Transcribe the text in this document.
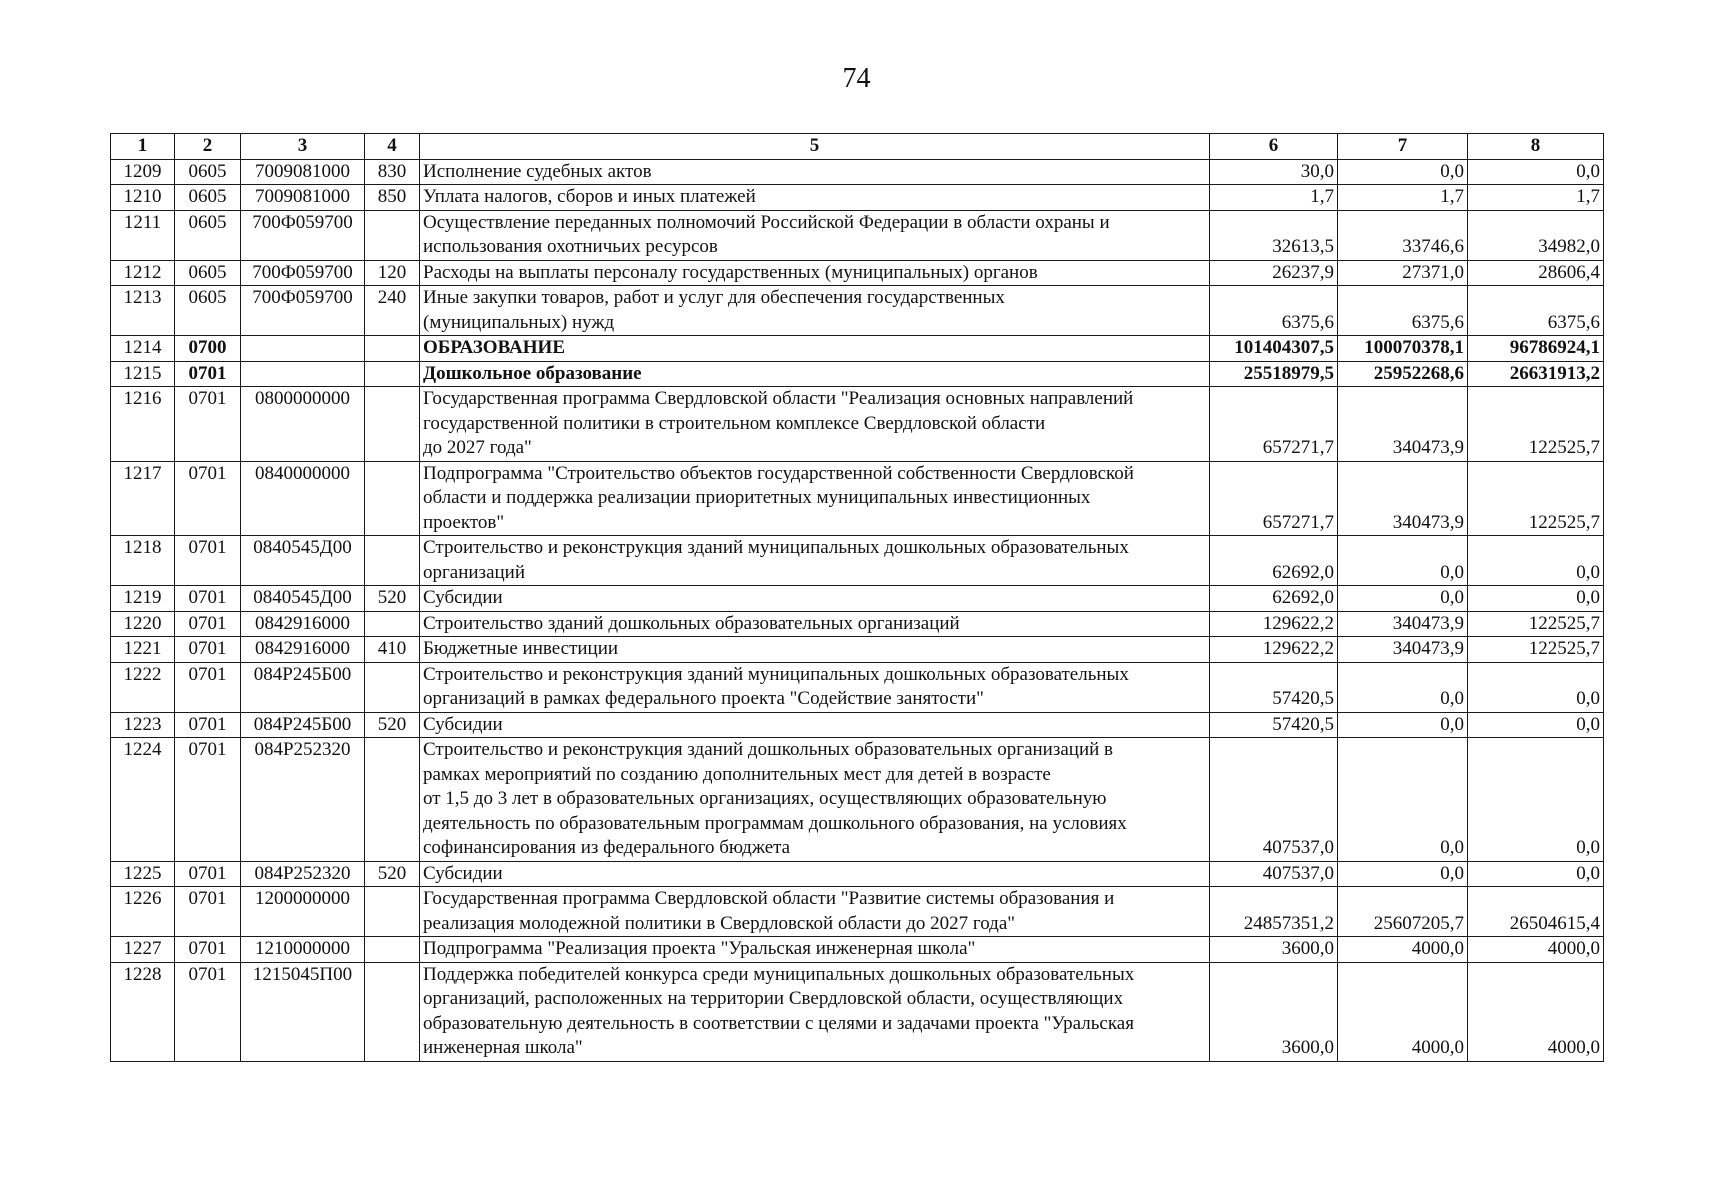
74
1	2	3	4	5	6	7	8
1209	0605	7009081000	830	Исполнение судебных актов	30,0	0,0	0,0
1210	0605	7009081000	850	Уплата налогов, сборов и иных платежей	1,7	1,7	1,7
1211	0605	700Ф059700		Осуществление переданных полномочий Российской Федерации в области охраны и
использования охотничьих ресурсов	32613,5	33746,6	34982,0
1212	0605	700Ф059700	120	Расходы на выплаты персоналу государственных (муниципальных) органов	26237,9	27371,0	28606,4
1213	0605	700Ф059700	240	Иные закупки товаров, работ и услуг для обеспечения государственных
(муниципальных) нужд	6375,6	6375,6	6375,6
1214	0700			ОБРАЗОВАНИЕ	101404307,5	100070378,1	96786924,1
1215	0701			Дошкольное образование	25518979,5	25952268,6	26631913,2
1216	0701	0800000000		Государственная программа Свердловской области "Реализация основных направлений
государственной политики в строительном комплексе Свердловской области
до 2027 года"	657271,7	340473,9	122525,7
1217	0701	0840000000		Подпрограмма "Строительство объектов государственной собственности Свердловской
области и поддержка реализации приоритетных муниципальных инвестиционных
проектов"	657271,7	340473,9	122525,7
1218	0701	0840545Д00		Строительство и реконструкция зданий муниципальных дошкольных образовательных
организаций	62692,0	0,0	0,0
1219	0701	0840545Д00	520	Субсидии	62692,0	0,0	0,0
1220	0701	0842916000		Строительство зданий дошкольных образовательных организаций	129622,2	340473,9	122525,7
1221	0701	0842916000	410	Бюджетные инвестиции	129622,2	340473,9	122525,7
1222	0701	084Р245Б00		Строительство и реконструкция зданий муниципальных дошкольных образовательных
организаций в рамках федерального проекта "Содействие занятости"	57420,5	0,0	0,0
1223	0701	084Р245Б00	520	Субсидии	57420,5	0,0	0,0
1224	0701	084Р252320		Строительство и реконструкция зданий дошкольных образовательных организаций в
рамках мероприятий по созданию дополнительных мест для детей в возрасте
от 1,5 до 3 лет в образовательных организациях, осуществляющих образовательную
деятельность по образовательным программам дошкольного образования, на условиях
софинансирования из федерального бюджета	407537,0	0,0	0,0
1225	0701	084Р252320	520	Субсидии	407537,0	0,0	0,0
1226	0701	1200000000		Государственная программа Свердловской области "Развитие системы образования и
реализация молодежной политики в Свердловской области до 2027 года"	24857351,2	25607205,7	26504615,4
1227	0701	1210000000		Подпрограмма "Реализация проекта "Уральская инженерная школа"	3600,0	4000,0	4000,0
1228	0701	1215045П00		Поддержка победителей конкурса среди муниципальных дошкольных образовательных
организаций, расположенных на территории Свердловской области, осуществляющих
образовательную деятельность в соответствии с целями и задачами проекта "Уральская
инженерная школа"	3600,0	4000,0	4000,0
